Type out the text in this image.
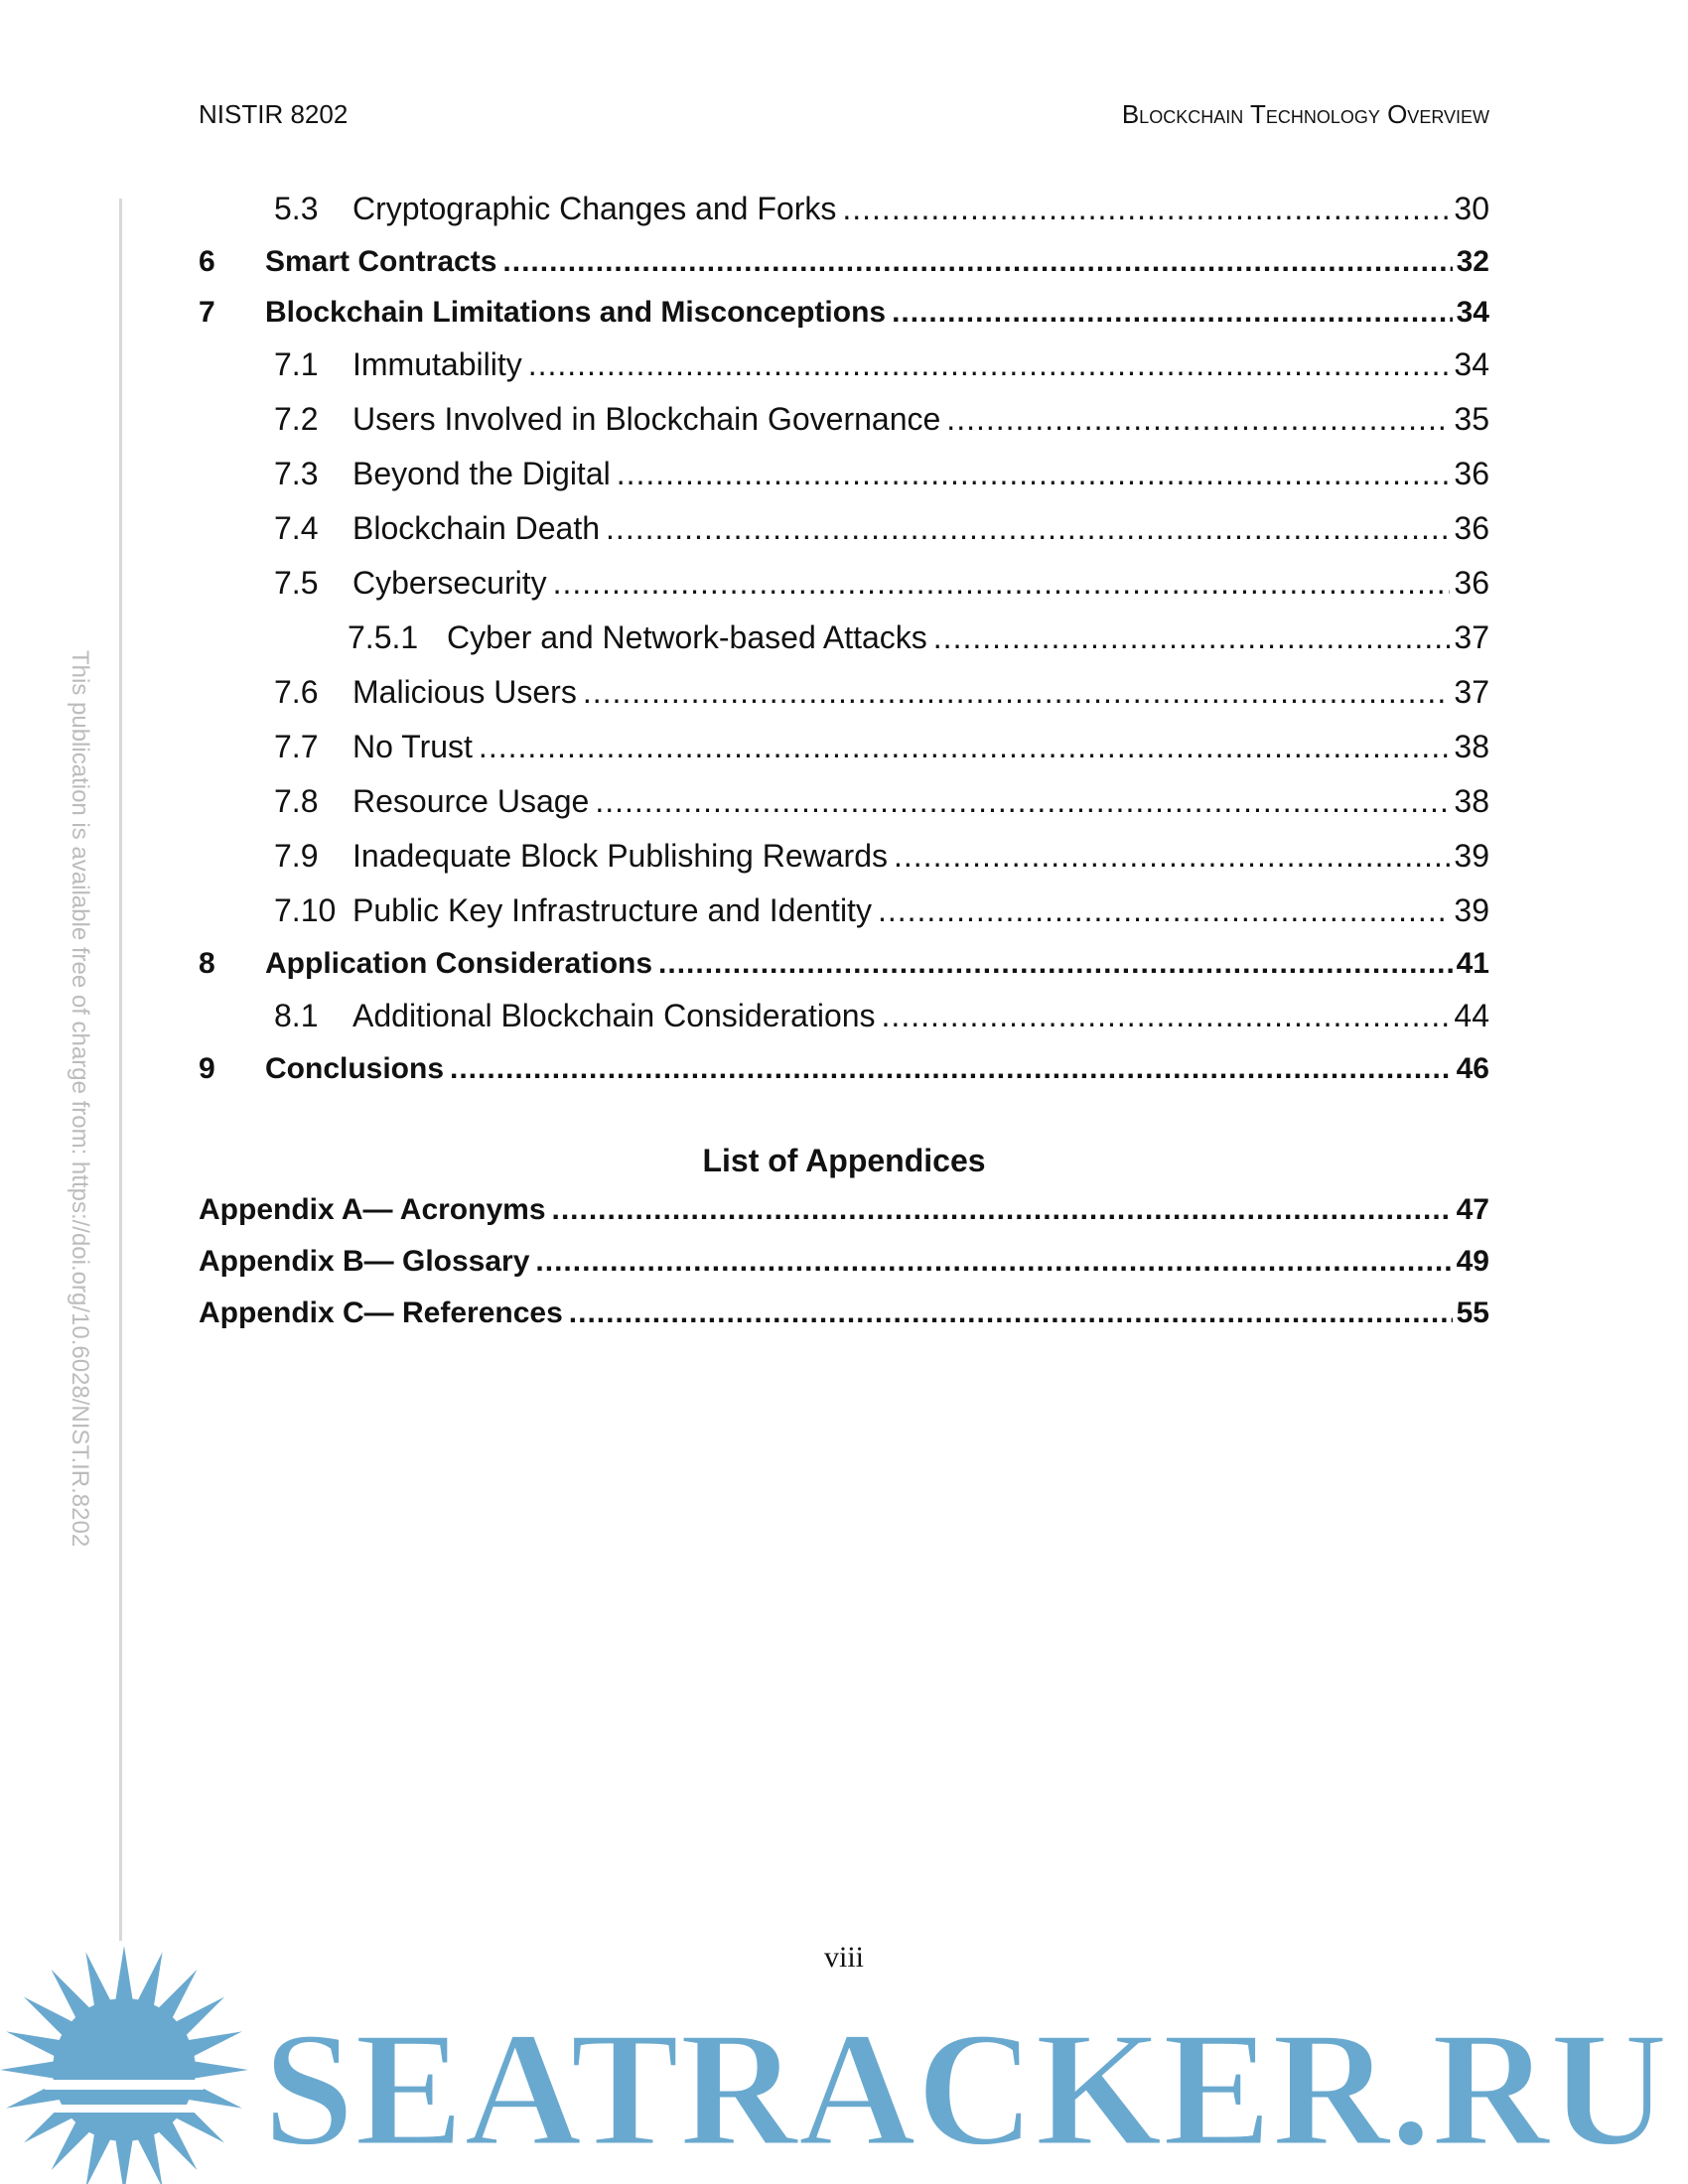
NISTIR 8202	Blockchain Technology Overview
This publication is available free of charge from: https://doi.org/10.6028/NIST.IR.8202
5.3	Cryptographic Changes and Forks .....	30
6	Smart Contracts .....	32
7	Blockchain Limitations and Misconceptions .....	34
7.1	Immutability .....	34
7.2	Users Involved in Blockchain Governance .....	35
7.3	Beyond the Digital .....	36
7.4	Blockchain Death .....	36
7.5	Cybersecurity .....	36
7.5.1 Cyber and Network-based Attacks .....	37
7.6	Malicious Users .....	37
7.7	No Trust .....	38
7.8	Resource Usage .....	38
7.9	Inadequate Block Publishing Rewards .....	39
7.10 Public Key Infrastructure and Identity .....	39
8	Application Considerations .....	41
8.1	Additional Blockchain Considerations .....	44
9	Conclusions .....	46
List of Appendices
Appendix A— Acronyms .....	47
Appendix B— Glossary .....	49
Appendix C— References .....	55
viii
SEATRACKER.RU
